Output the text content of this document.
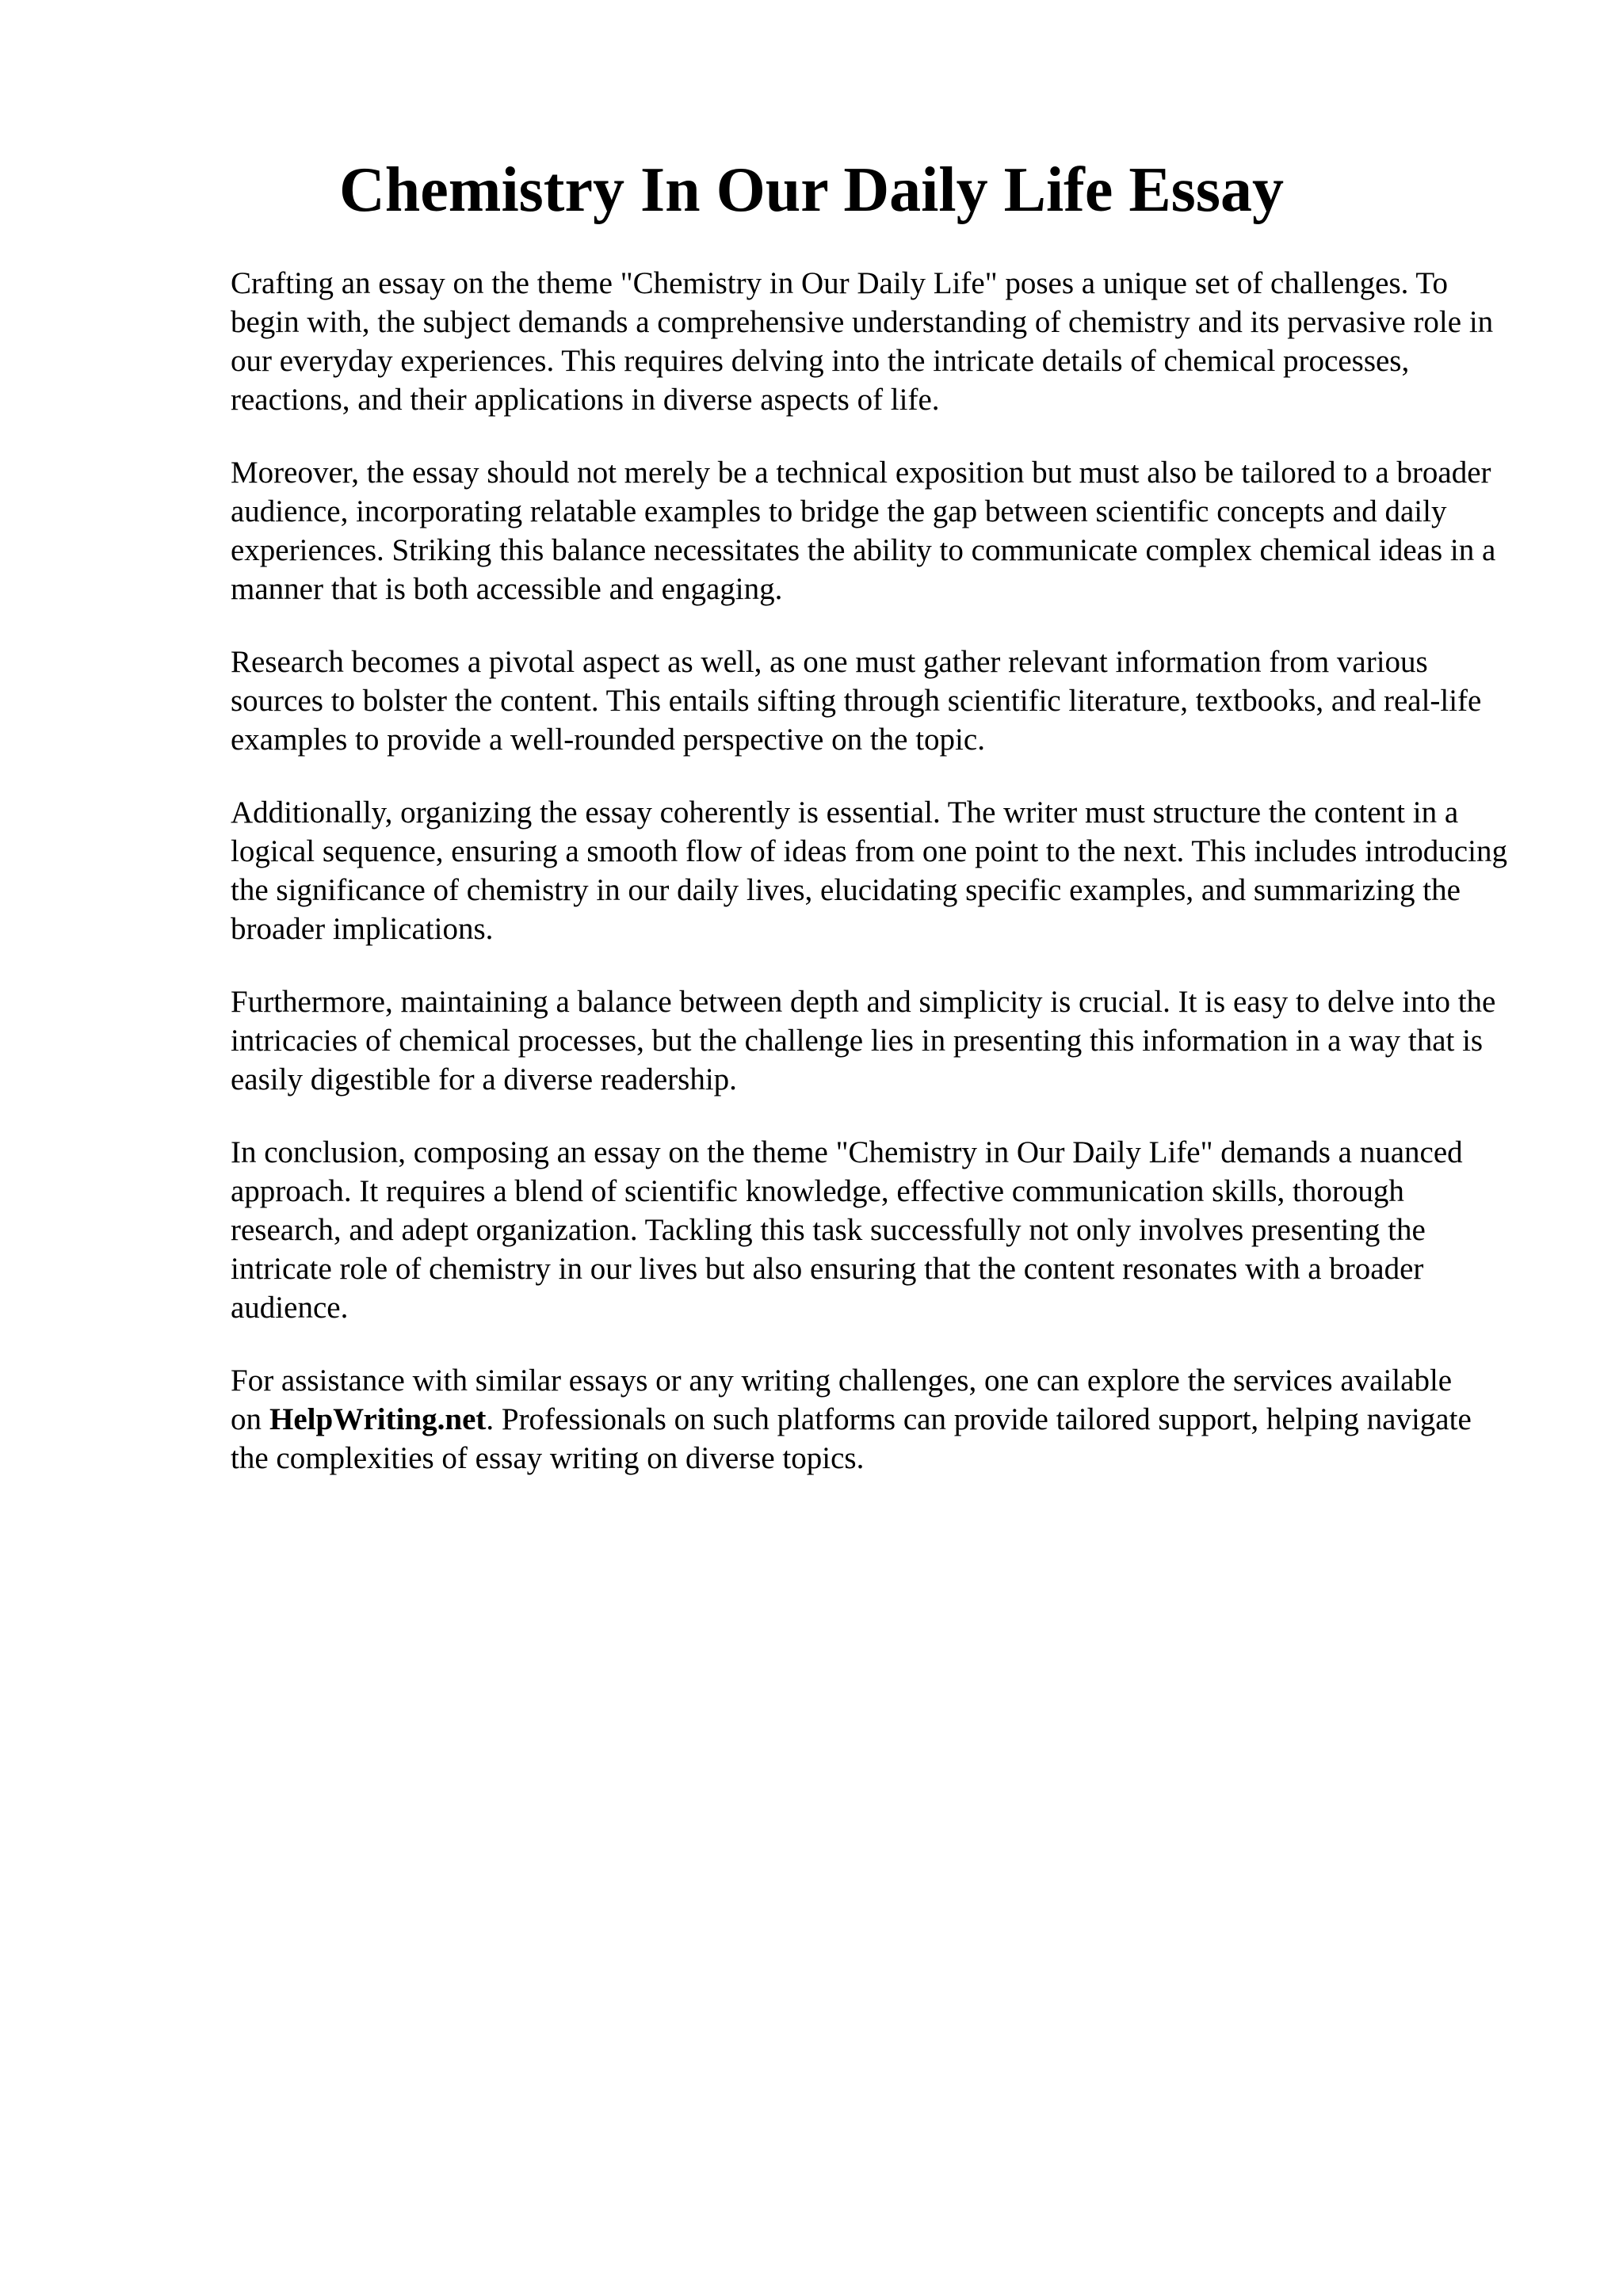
Chemistry In Our Daily Life Essay

Crafting an essay on the theme "Chemistry in Our Daily Life" poses a unique set of challenges. To begin with, the subject demands a comprehensive understanding of chemistry and its pervasive role in our everyday experiences. This requires delving into the intricate details of chemical processes, reactions, and their applications in diverse aspects of life.

Moreover, the essay should not merely be a technical exposition but must also be tailored to a broader audience, incorporating relatable examples to bridge the gap between scientific concepts and daily experiences. Striking this balance necessitates the ability to communicate complex chemical ideas in a manner that is both accessible and engaging.

Research becomes a pivotal aspect as well, as one must gather relevant information from various sources to bolster the content. This entails sifting through scientific literature, textbooks, and real-life examples to provide a well-rounded perspective on the topic.

Additionally, organizing the essay coherently is essential. The writer must structure the content in a logical sequence, ensuring a smooth flow of ideas from one point to the next. This includes introducing the significance of chemistry in our daily lives, elucidating specific examples, and summarizing the broader implications.

Furthermore, maintaining a balance between depth and simplicity is crucial. It is easy to delve into the intricacies of chemical processes, but the challenge lies in presenting this information in a way that is easily digestible for a diverse readership.

In conclusion, composing an essay on the theme "Chemistry in Our Daily Life" demands a nuanced approach. It requires a blend of scientific knowledge, effective communication skills, thorough research, and adept organization. Tackling this task successfully not only involves presenting the intricate role of chemistry in our lives but also ensuring that the content resonates with a broader audience.

For assistance with similar essays or any writing challenges, one can explore the services available on HelpWriting.net. Professionals on such platforms can provide tailored support, helping navigate the complexities of essay writing on diverse topics.
